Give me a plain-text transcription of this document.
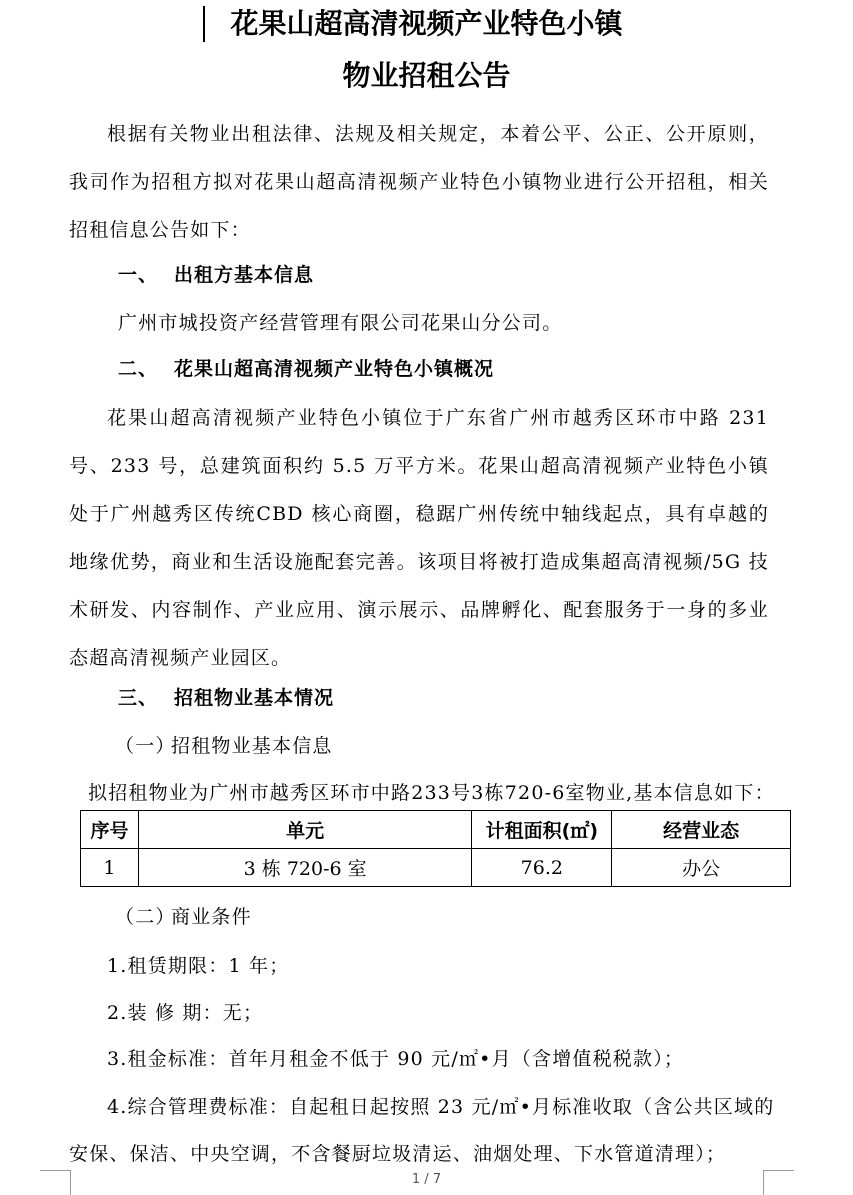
花果山超高清视频产业特色小镇
物业招租公告

根据有关物业出租法律、法规及相关规定，本着公平、公正、公开原则，我司作为招租方拟对花果山超高清视频产业特色小镇物业进行公开招租，相关招租信息公告如下：

一、 出租方基本信息
广州市城投资产经营管理有限公司花果山分公司。
二、 花果山超高清视频产业特色小镇概况

花果山超高清视频产业特色小镇位于广东省广州市越秀区环市中路 231 号、233 号，总建筑面积约 5.5 万平方米。花果山超高清视频产业特色小镇处于广州越秀区传统CBD 核心商圈，稳踞广州传统中轴线起点，具有卓越的地缘优势，商业和生活设施配套完善。该项目将被打造成集超高清视频/5G 技术研发、内容制作、产业应用、演示展示、品牌孵化、配套服务于一身的多业态超高清视频产业园区。

三、 招租物业基本情况
（一）招租物业基本信息
拟招租物业为广州市越秀区环市中路233号3栋720-6室物业,基本信息如下：
序号	单元	计租面积(㎡)	经营业态
1	3 栋 720-6 室	76.2	办公
（二）商业条件
1.租赁期限：1 年；
2.装 修 期：无；
3.租金标准：首年月租金不低于 90 元/㎡•月（含增值税税款）；
4.综合管理费标准：自起租日起按照 23 元/㎡•月标准收取（含公共区域的
安保、保洁、中央空调，不含餐厨垃圾清运、油烟处理、下水管道清理）；
1 / 7
